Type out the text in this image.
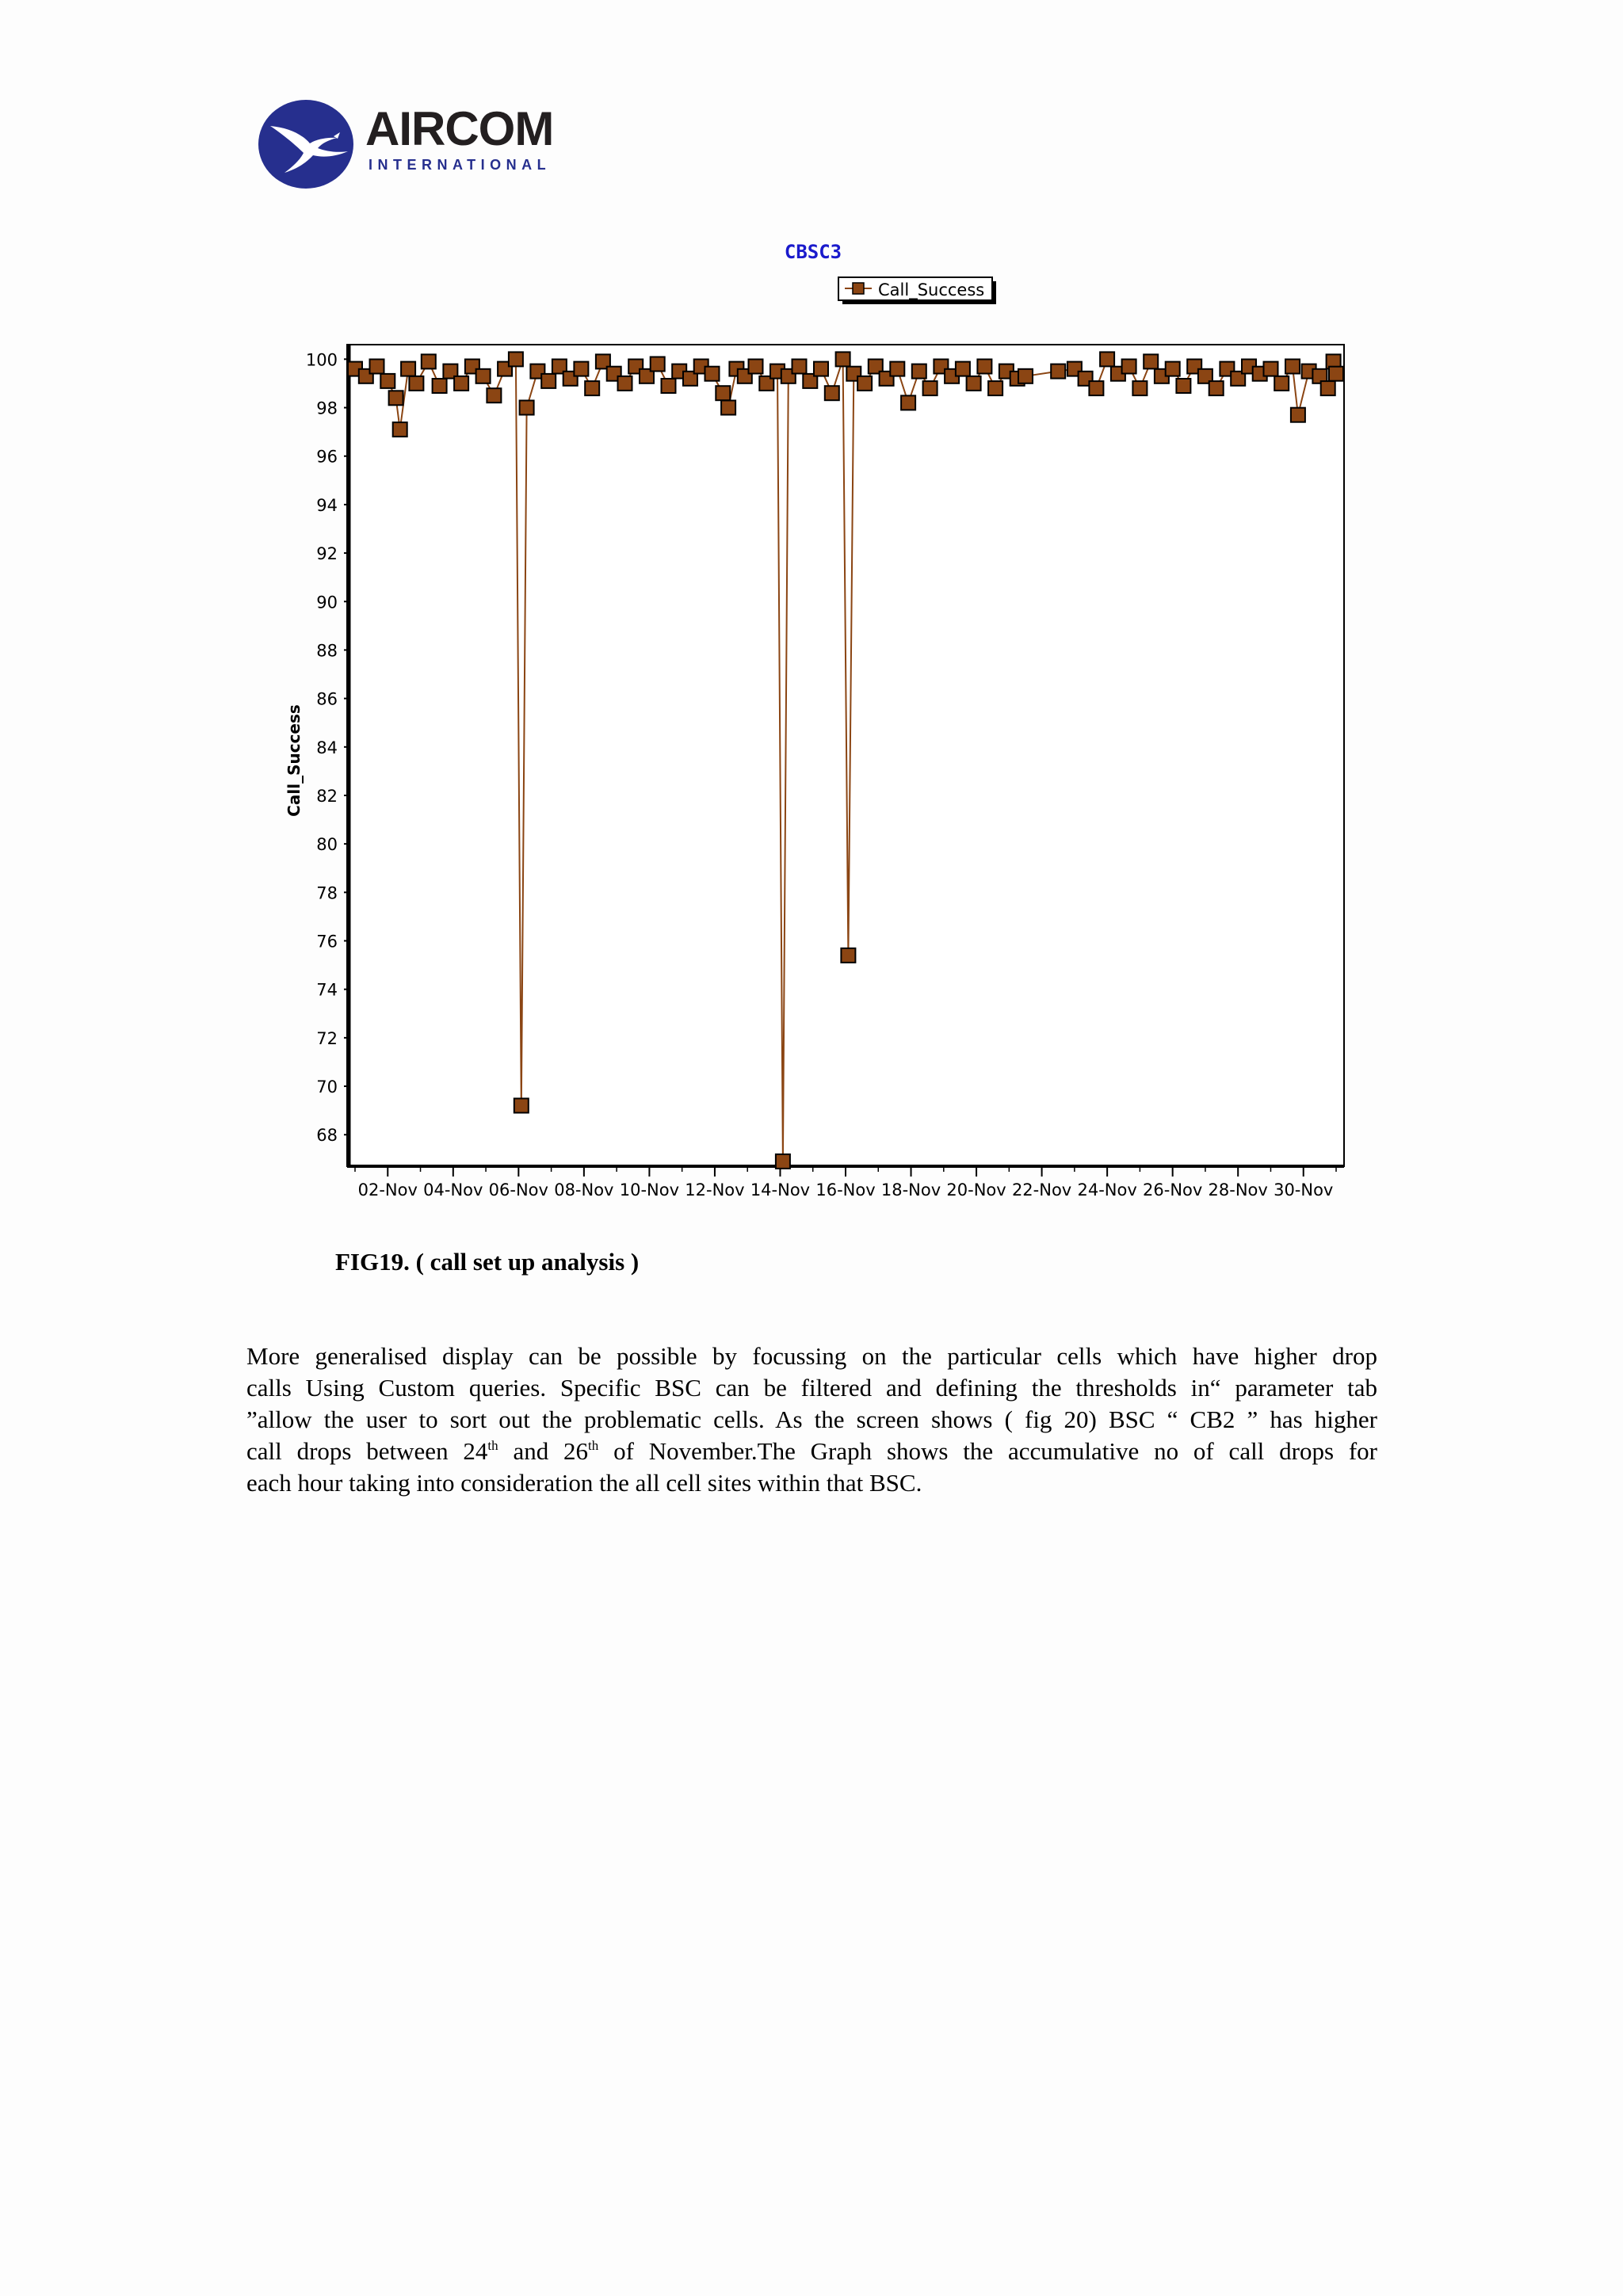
AIRCOM
INTERNATIONAL
CBSC3
Call_Success
Call_Success
100
98
96
94
92
90
88
86
84
82
80
78
76
74
72
70
68
02-Nov 04-Nov 06-Nov 08-Nov 10-Nov 12-Nov 14-Nov 16-Nov 18-Nov 20-Nov 22-Nov 24-Nov 26-Nov 28-Nov 30-Nov
FIG19. ( call set up analysis )
More generalised display can be possible by focussing on the particular cells which have higher drop
calls Using Custom queries. Specific BSC can be filtered and defining the thresholds in“ parameter tab
”allow the user to sort out the problematic cells. As the screen shows ( fig 20) BSC “ CB2 ” has higher
call drops between 24th and 26th of November.The Graph shows the accumulative no of call drops for
each hour taking into consideration the all cell sites within that BSC.
